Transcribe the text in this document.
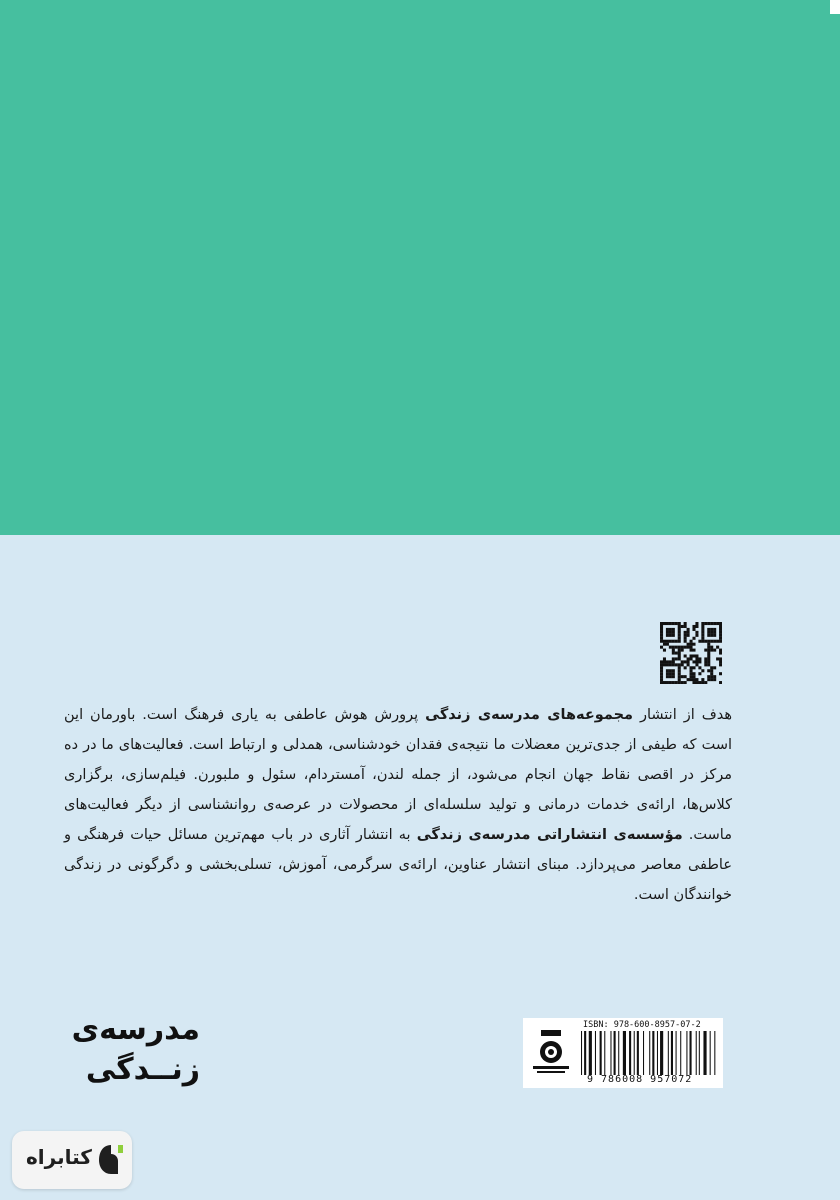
هدف از انتشار مجموعه‌های مدرسه‌ی زندگی پرورش هوش عاطفی به یاری فرهنگ است. باورمان این است که طیفی از جدی‌ترین معضلات ما نتیجه‌ی فقدان خودشناسی، همدلی و ارتباط است. فعالیت‌های ما در ده مرکز در اقصی نقاط جهان انجام می‌شود، از جمله لندن، آمستردام، سئول و ملبورن. فیلم‌سازی، برگزاری کلاس‌ها، ارائه‌ی خدمات درمانی و تولید سلسله‌ای از محصولات در عرصه‌ی روانشناسی از دیگر فعالیت‌های ماست. مؤسسه‌ی انتشاراتی مدرسه‌ی زندگی به انتشار آثاری در باب مهم‌ترین مسائل حیات فرهنگی و عاطفی معاصر می‌پردازد. مبنای انتشار عناوین، ارائه‌ی سرگرمی، آموزش، تسلی‌بخشی و دگرگونی در زندگی خوانندگان است.
مدرسه‌ی
زنــدگی
ISBN: 978-600-8957-07-2
9 786008 957072
کتابراه
